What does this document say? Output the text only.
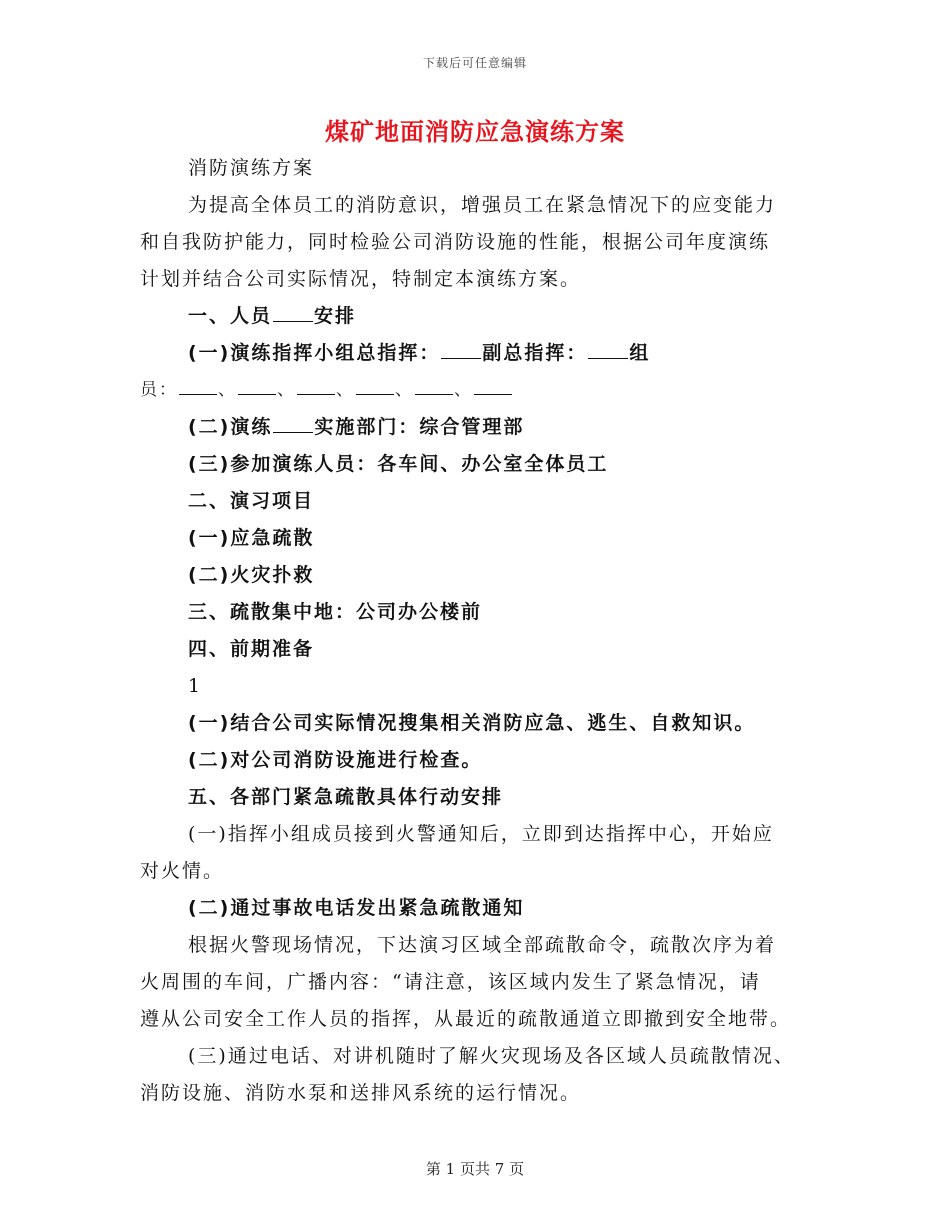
下载后可任意编辑
煤矿地面消防应急演练方案
消防演练方案
为提高全体员工的消防意识，增强员工在紧急情况下的应变能力
和自我防护能力，同时检验公司消防设施的性能，根据公司年度演练
计划并结合公司实际情况，特制定本演练方案。
一、人员 安排
(一)演练指挥小组总指挥： 副总指挥： 组
员： 、 、 、 、 、
(二)演练 实施部门：综合管理部
(三)参加演练人员：各车间、办公室全体员工
二、演习项目
(一)应急疏散
(二)火灾扑救
三、疏散集中地：公司办公楼前
四、前期准备
1
(一)结合公司实际情况搜集相关消防应急、逃生、自救知识。
(二)对公司消防设施进行检查。
五、各部门紧急疏散具体行动安排
(一)指挥小组成员接到火警通知后，立即到达指挥中心，开始应
对火情。
(二)通过事故电话发出紧急疏散通知
根据火警现场情况，下达演习区域全部疏散命令，疏散次序为着
火周围的车间，广播内容：“请注意，该区域内发生了紧急情况，请
遵从公司安全工作人员的指挥，从最近的疏散通道立即撤到安全地带。
(三)通过电话、对讲机随时了解火灾现场及各区域人员疏散情况、
消防设施、消防水泵和送排风系统的运行情况。
第 1 页共 7 页
